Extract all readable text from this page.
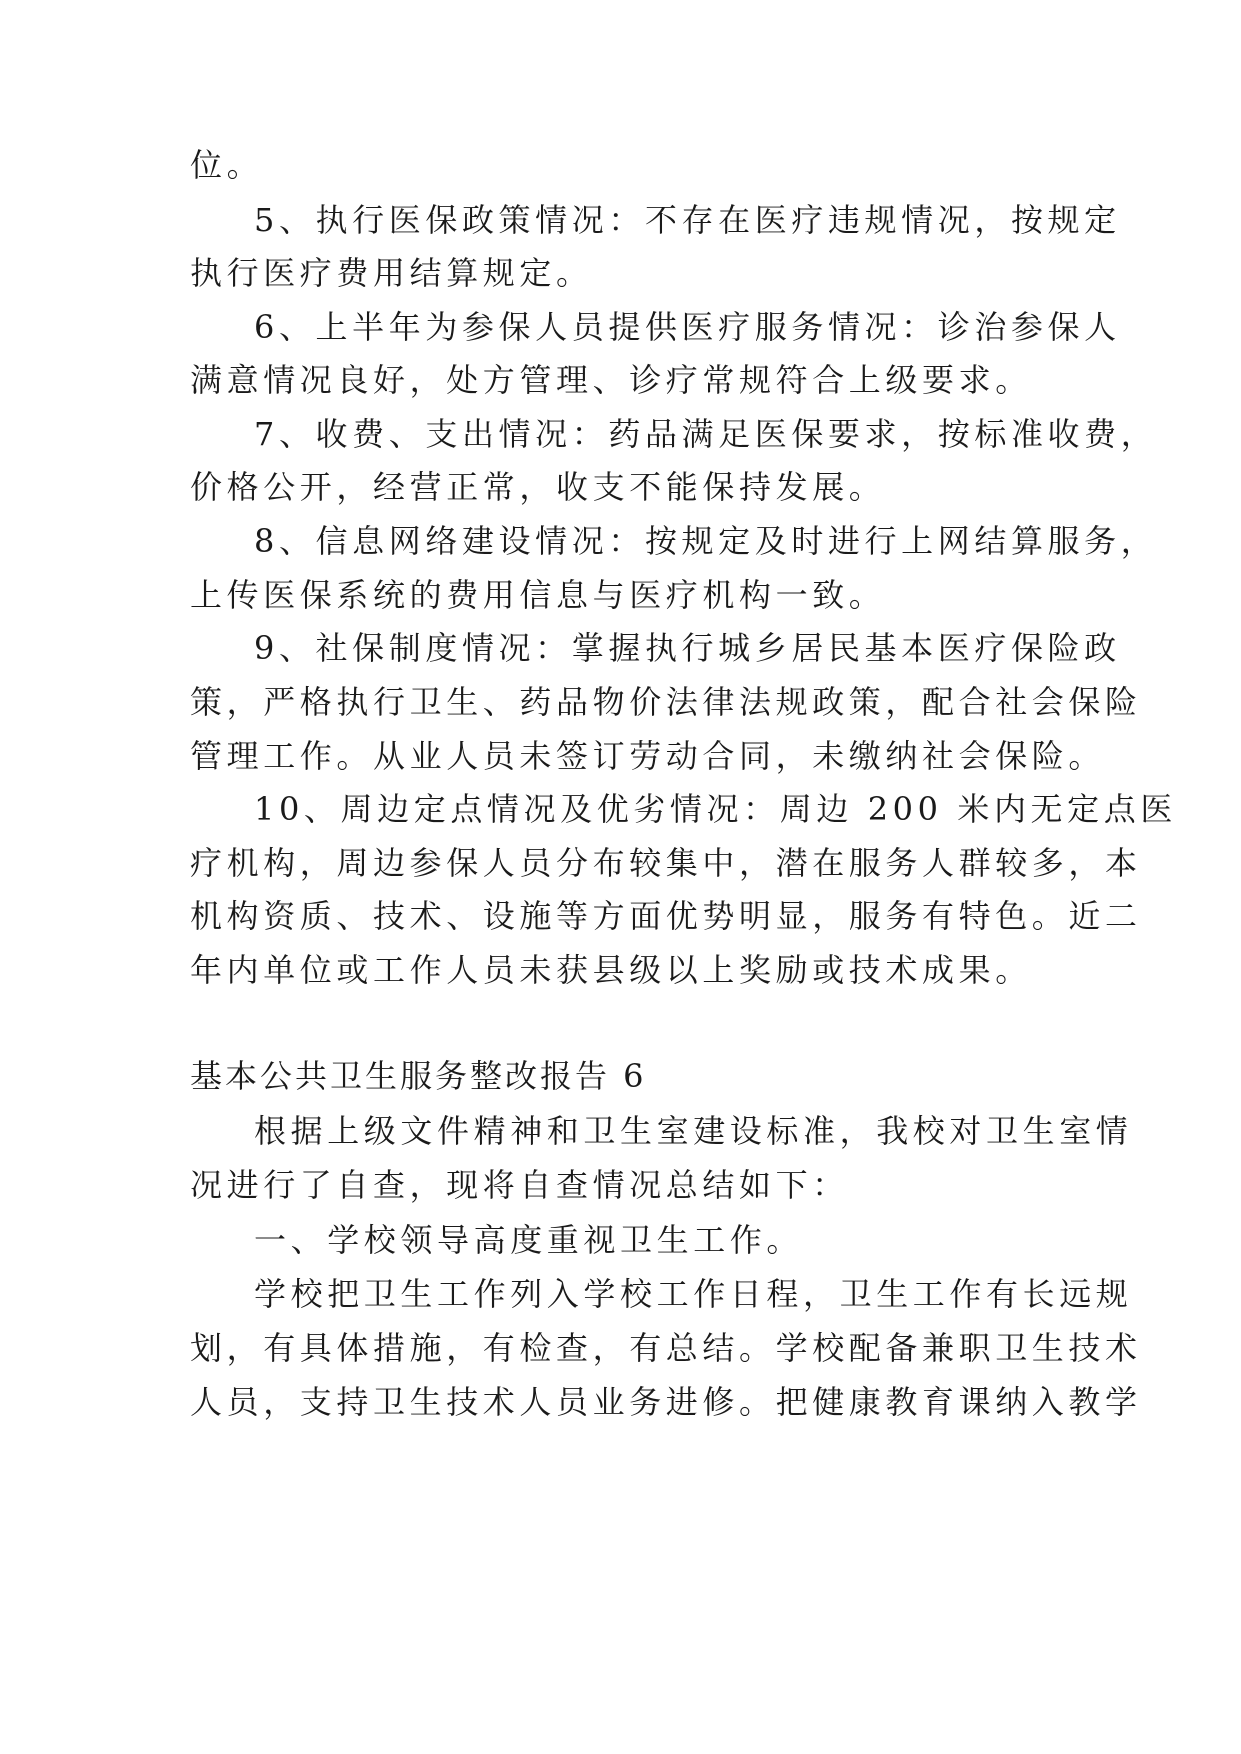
位。
5、执行医保政策情况：不存在医疗违规情况，按规定
执行医疗费用结算规定。
6、上半年为参保人员提供医疗服务情况：诊治参保人
满意情况良好，处方管理、诊疗常规符合上级要求。
7、收费、支出情况：药品满足医保要求，按标准收费，
价格公开，经营正常，收支不能保持发展。
8、信息网络建设情况：按规定及时进行上网结算服务，
上传医保系统的费用信息与医疗机构一致。
9、社保制度情况：掌握执行城乡居民基本医疗保险政
策，严格执行卫生、药品物价法律法规政策，配合社会保险
管理工作。从业人员未签订劳动合同，未缴纳社会保险。
10、周边定点情况及优劣情况：周边 200 米内无定点医
疗机构，周边参保人员分布较集中，潜在服务人群较多，本
机构资质、技术、设施等方面优势明显，服务有特色。近二
年内单位或工作人员未获县级以上奖励或技术成果。
基本公共卫生服务整改报告 6
根据上级文件精神和卫生室建设标准，我校对卫生室情
况进行了自查，现将自查情况总结如下：
一、学校领导高度重视卫生工作。
学校把卫生工作列入学校工作日程，卫生工作有长远规
划，有具体措施，有检查，有总结。学校配备兼职卫生技术
人员，支持卫生技术人员业务进修。把健康教育课纳入教学
